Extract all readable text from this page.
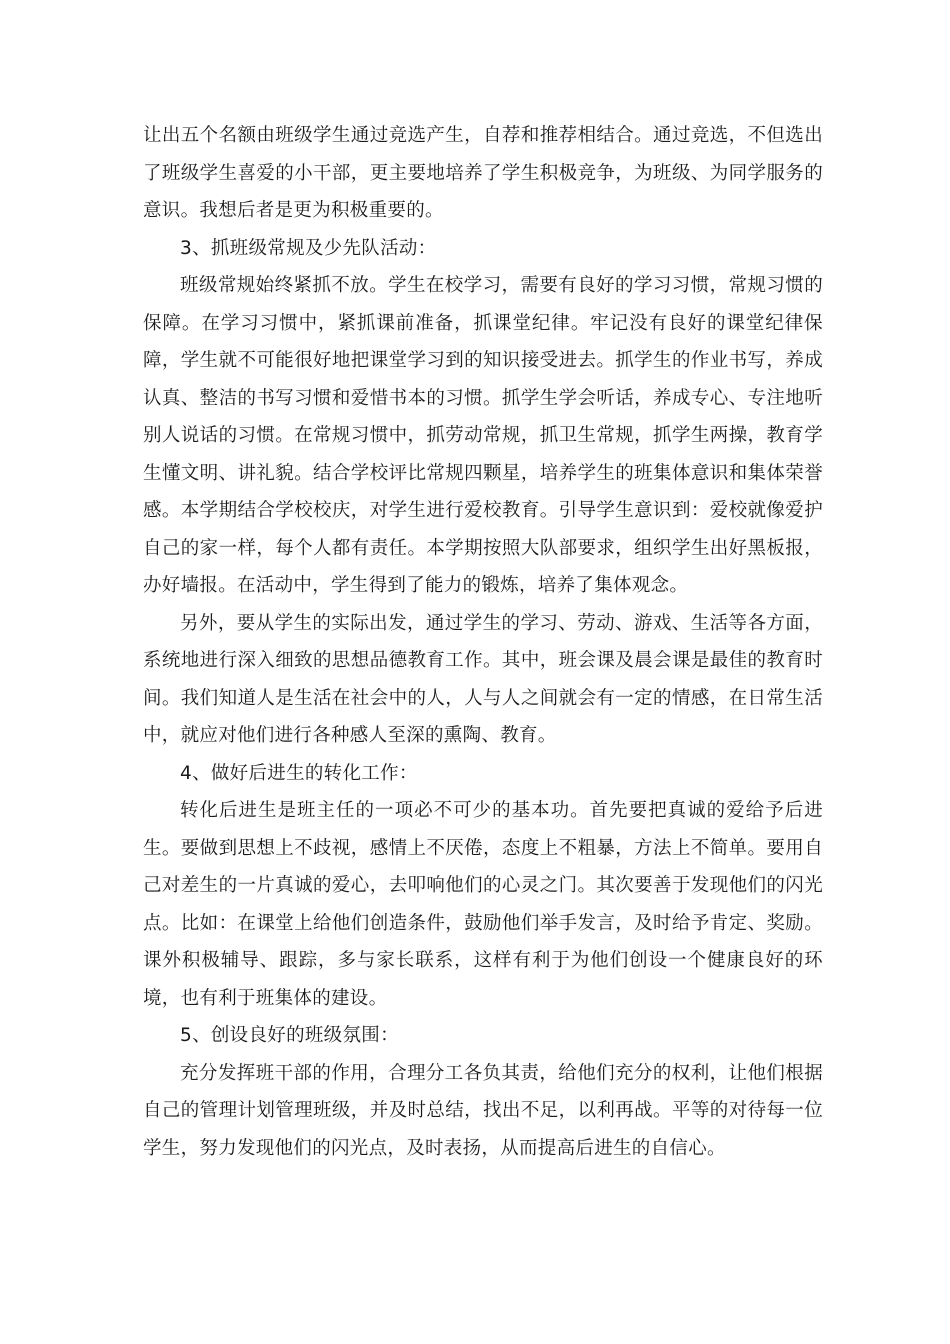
让出五个名额由班级学生通过竞选产生，自荐和推荐相结合。通过竞选，不但选出了班级学生喜爱的小干部，更主要地培养了学生积极竞争，为班级、为同学服务的意识。我想后者是更为积极重要的。

3、抓班级常规及少先队活动：

班级常规始终紧抓不放。学生在校学习，需要有良好的学习习惯，常规习惯的保障。在学习习惯中，紧抓课前准备，抓课堂纪律。牢记没有良好的课堂纪律保障，学生就不可能很好地把课堂学习到的知识接受进去。抓学生的作业书写，养成认真、整洁的书写习惯和爱惜书本的习惯。抓学生学会听话，养成专心、专注地听别人说话的习惯。在常规习惯中，抓劳动常规，抓卫生常规，抓学生两操，教育学生懂文明、讲礼貌。结合学校评比常规四颗星，培养学生的班集体意识和集体荣誉感。本学期结合学校校庆，对学生进行爱校教育。引导学生意识到：爱校就像爱护自己的家一样，每个人都有责任。本学期按照大队部要求，组织学生出好黑板报，办好墙报。在活动中，学生得到了能力的锻炼，培养了集体观念。

另外，要从学生的实际出发，通过学生的学习、劳动、游戏、生活等各方面，系统地进行深入细致的思想品德教育工作。其中，班会课及晨会课是最佳的教育时间。我们知道人是生活在社会中的人，人与人之间就会有一定的情感，在日常生活中，就应对他们进行各种感人至深的熏陶、教育。

4、做好后进生的转化工作：

转化后进生是班主任的一项必不可少的基本功。首先要把真诚的爱给予后进生。要做到思想上不歧视，感情上不厌倦，态度上不粗暴，方法上不简单。要用自己对差生的一片真诚的爱心，去叩响他们的心灵之门。其次要善于发现他们的闪光点。比如：在课堂上给他们创造条件，鼓励他们举手发言，及时给予肯定、奖励。课外积极辅导、跟踪，多与家长联系，这样有利于为他们创设一个健康良好的环境，也有利于班集体的建设。

5、创设良好的班级氛围：

充分发挥班干部的作用，合理分工各负其责，给他们充分的权利，让他们根据自己的管理计划管理班级，并及时总结，找出不足，以利再战。平等的对待每一位学生，努力发现他们的闪光点，及时表扬，从而提高后进生的自信心。
